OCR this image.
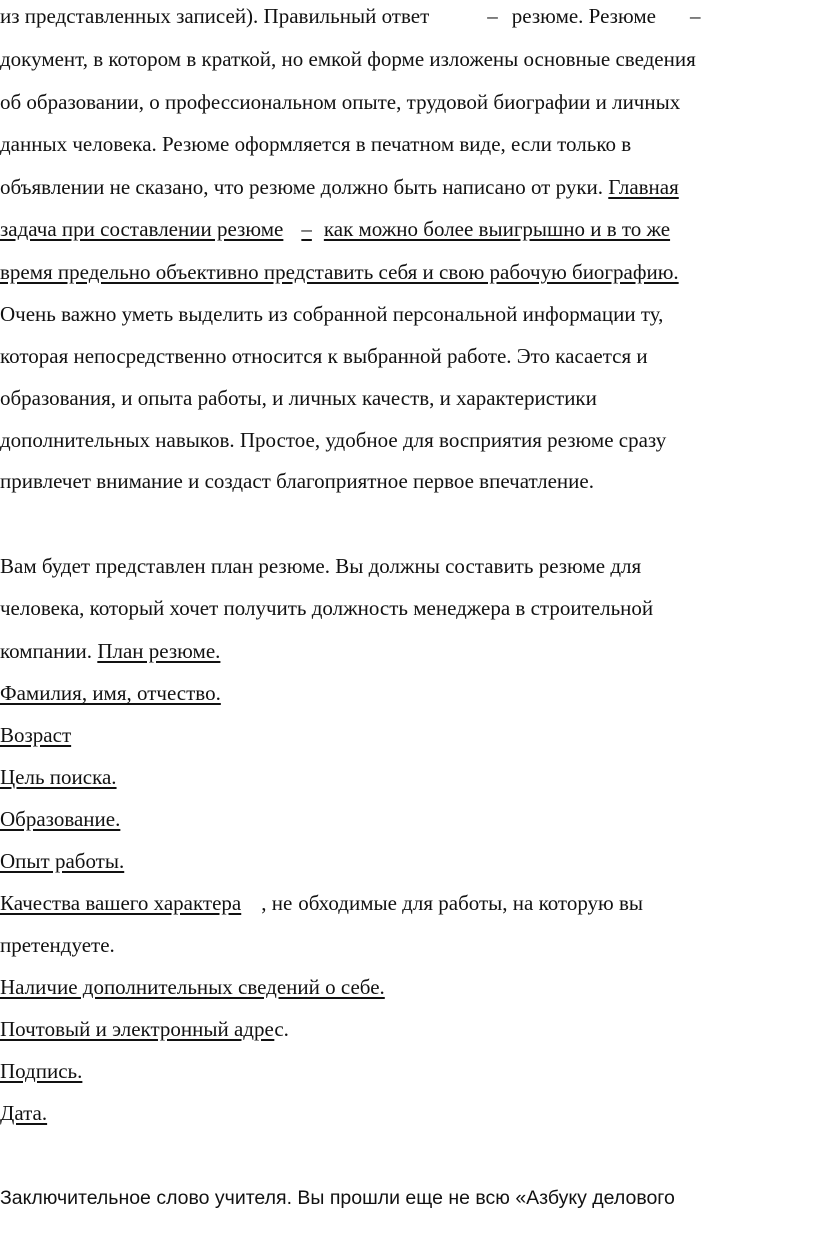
из представленных записей). Правильный ответ	– резюме. Резюме –
документ, в котором в краткой, но емкой форме изложены основные сведения
об образовании, о профессиональном опыте, трудовой биографии и личных
данных человека. Резюме оформляется в печатном виде, если только в
объявлении не сказано, что резюме должно быть написано от руки. Главная
задача при составлении резюме – как можно более выигрышно и в то же
время предельно объективно представить себя и свою рабочую биографию.
Очень важно уметь выделить из собранной персональной информации ту,
которая непосредственно относится к выбранной работе. Это касается и
образования, и опыта работы, и личных качеств, и характеристики
дополнительных навыков. Простое, удобное для восприятия резюме сразу
привлечет внимание и создаст благоприятное первое впечатление.
Вам будет представлен план резюме. Вы должны составить резюме для
человека, который хочет получить должность менеджера в строительной
компании. План резюме.
Фамилия, имя, отчество.
Возраст
Цель поиска.
Образование.
Опыт работы.
Качества вашего характера , не обходимые для работы, на которую вы
претендуете.
Наличие дополнительных сведений о себе.
Почтовый и электронный адрес.
Подпись.
Дата.
Заключительное слово учителя. Вы прошли еще не всю «Азбуку делового
